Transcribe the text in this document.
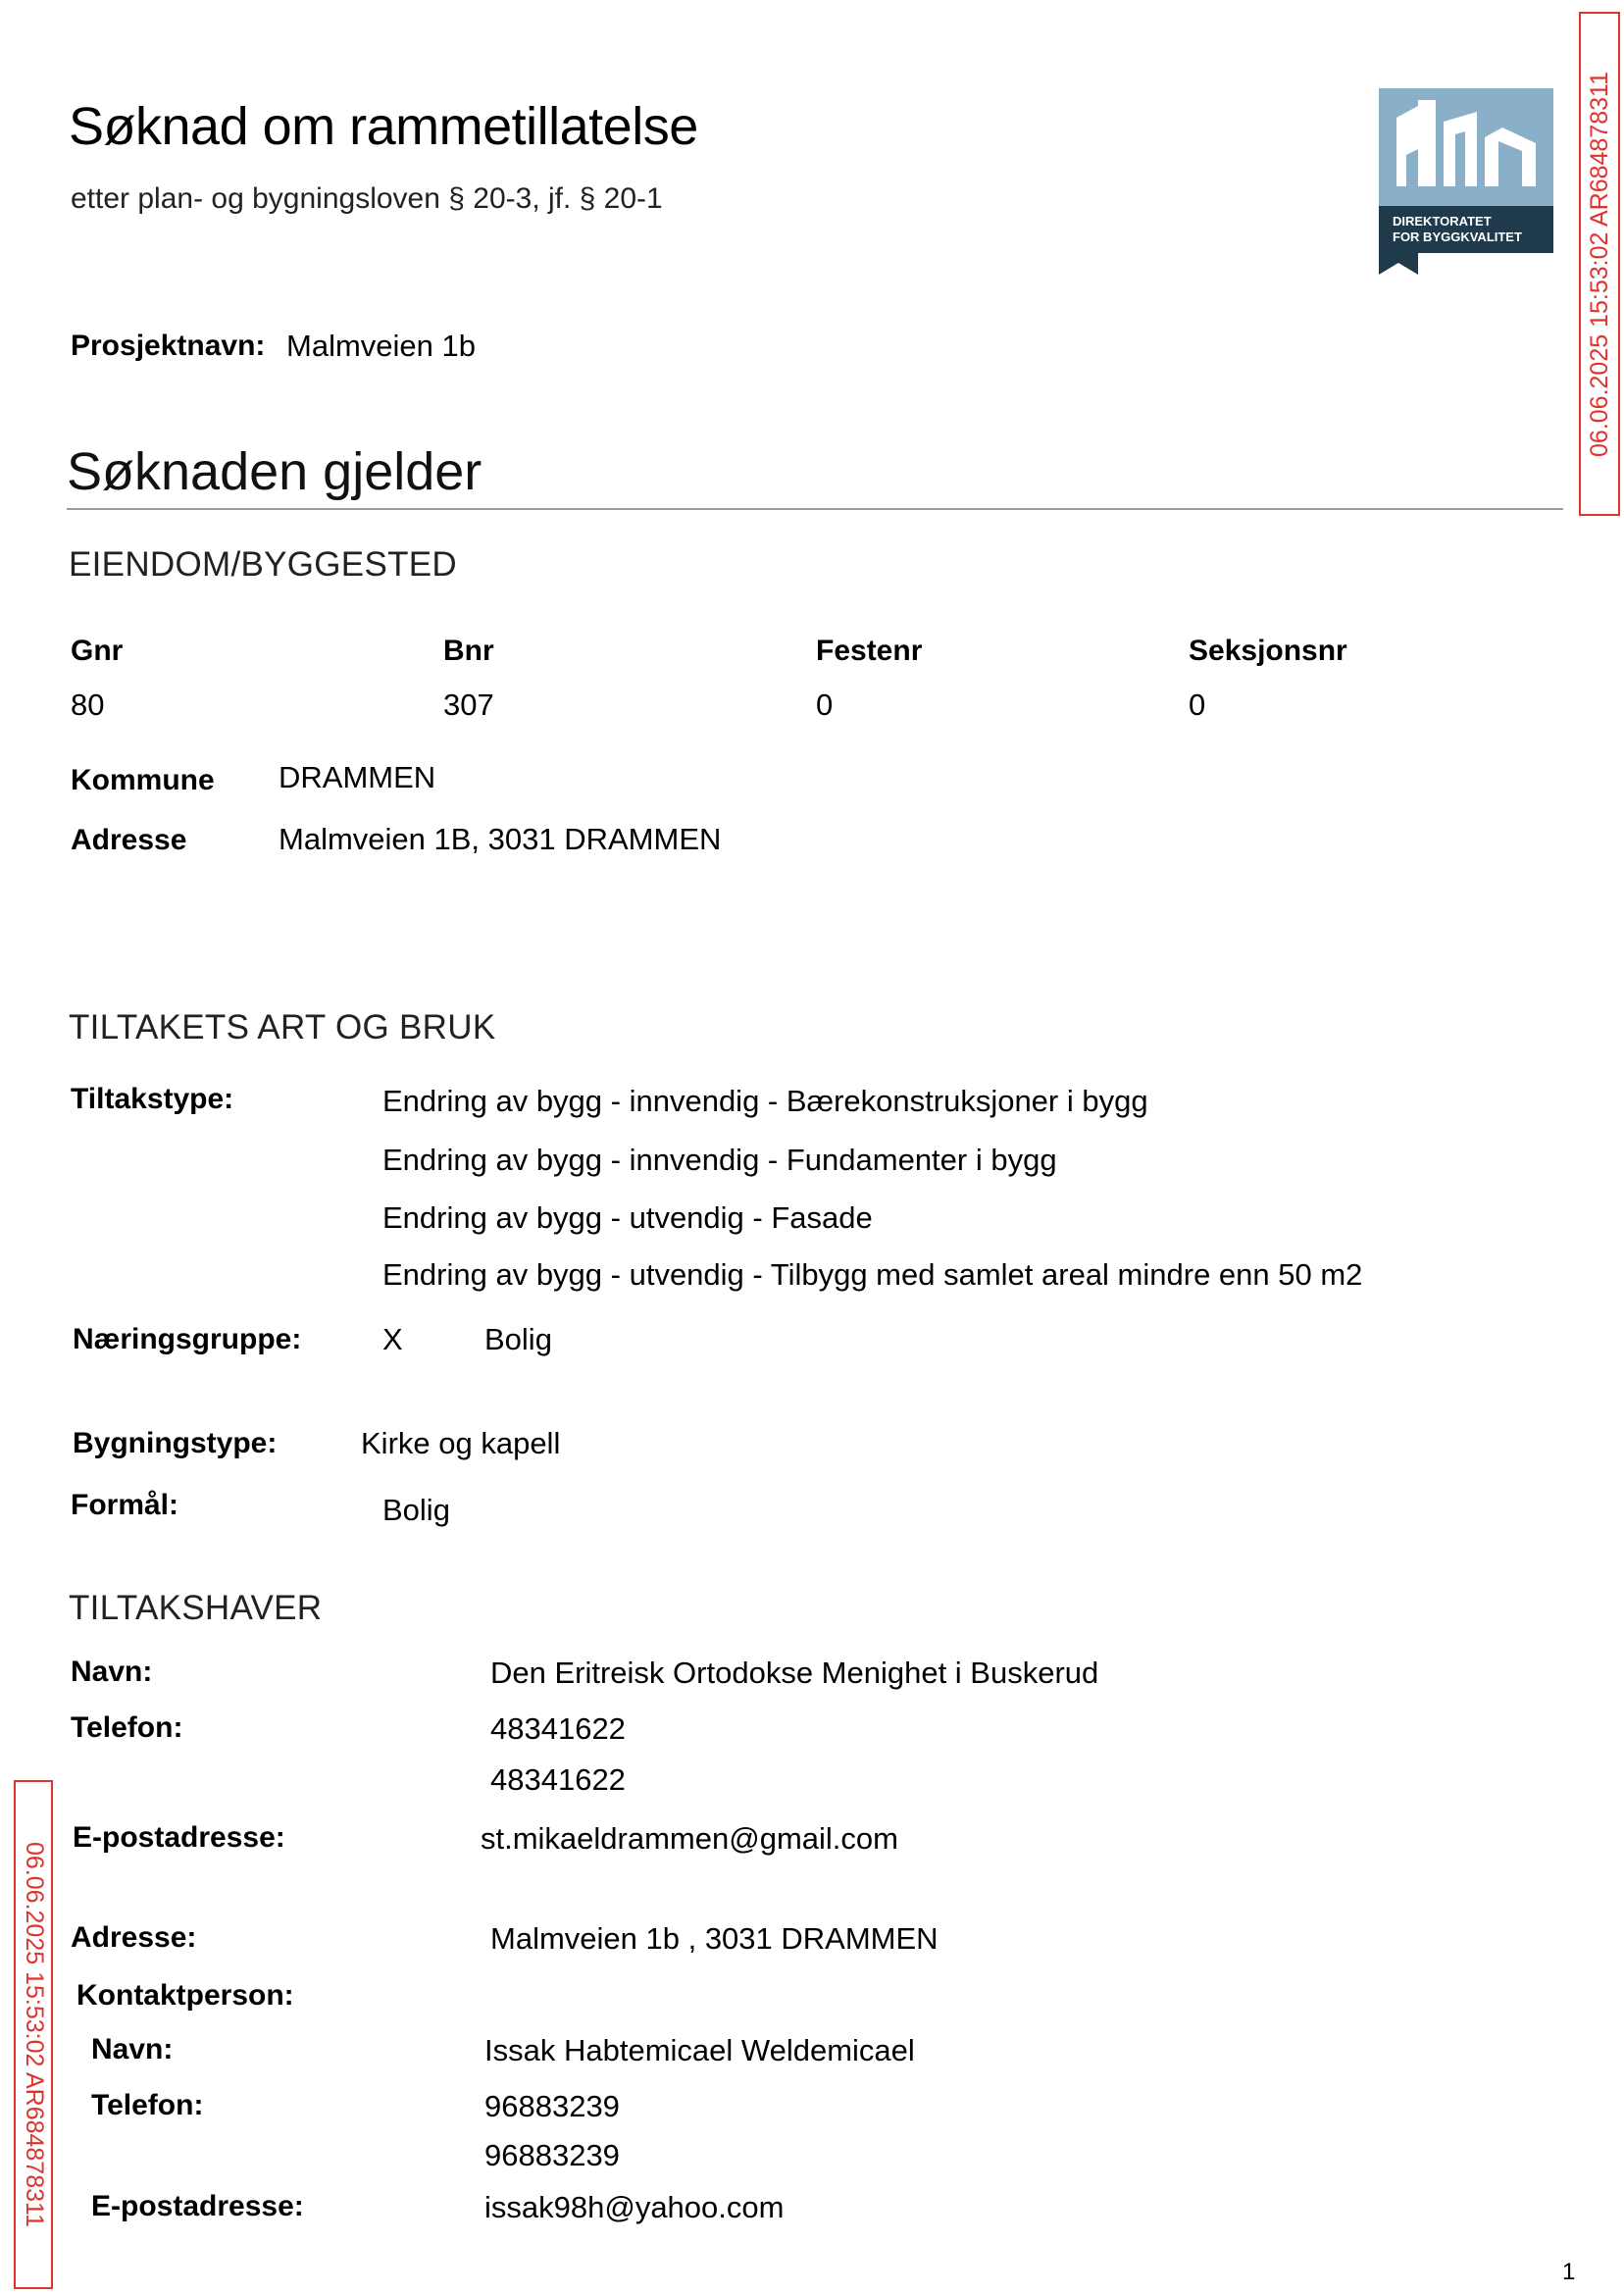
Søknad om rammetillatelse
etter plan- og bygningsloven § 20-3, jf. § 20-1
DIREKTORATET
FOR BYGGKVALITET
Prosjektnavn: Malmveien 1b
Søknaden gjelder
EIENDOM/BYGGESTED
Gnr	Bnr	Festenr	Seksjonsnr
80	307	0	0
Kommune DRAMMEN
Adresse	Malmveien 1B, 3031 DRAMMEN
TILTAKETS ART OG BRUK
Tiltakstype:	Endring av bygg - innvendig - Bærekonstruksjoner i bygg
Endring av bygg - innvendig - Fundamenter i bygg
Endring av bygg - utvendig - Fasade
Endring av bygg - utvendig - Tilbygg med samlet areal mindre enn 50 m2
Næringsgruppe:	X	Bolig
Bygningstype:	Kirke og kapell
Formål:	Bolig
TILTAKSHAVER
Navn:	Den Eritreisk Ortodokse Menighet i Buskerud
Telefon:	48341622
48341622
E-postadresse:	st.mikaeldrammen@gmail.com
Adresse:	Malmveien 1b , 3031 DRAMMEN
Kontaktperson:
Navn:	Issak Habtemicael Weldemicael
Telefon:	96883239
96883239
E-postadresse:	issak98h@yahoo.com
06.06.2025 15:53:02 AR684878311
06.06.2025 15:53:02 AR684878311
1
